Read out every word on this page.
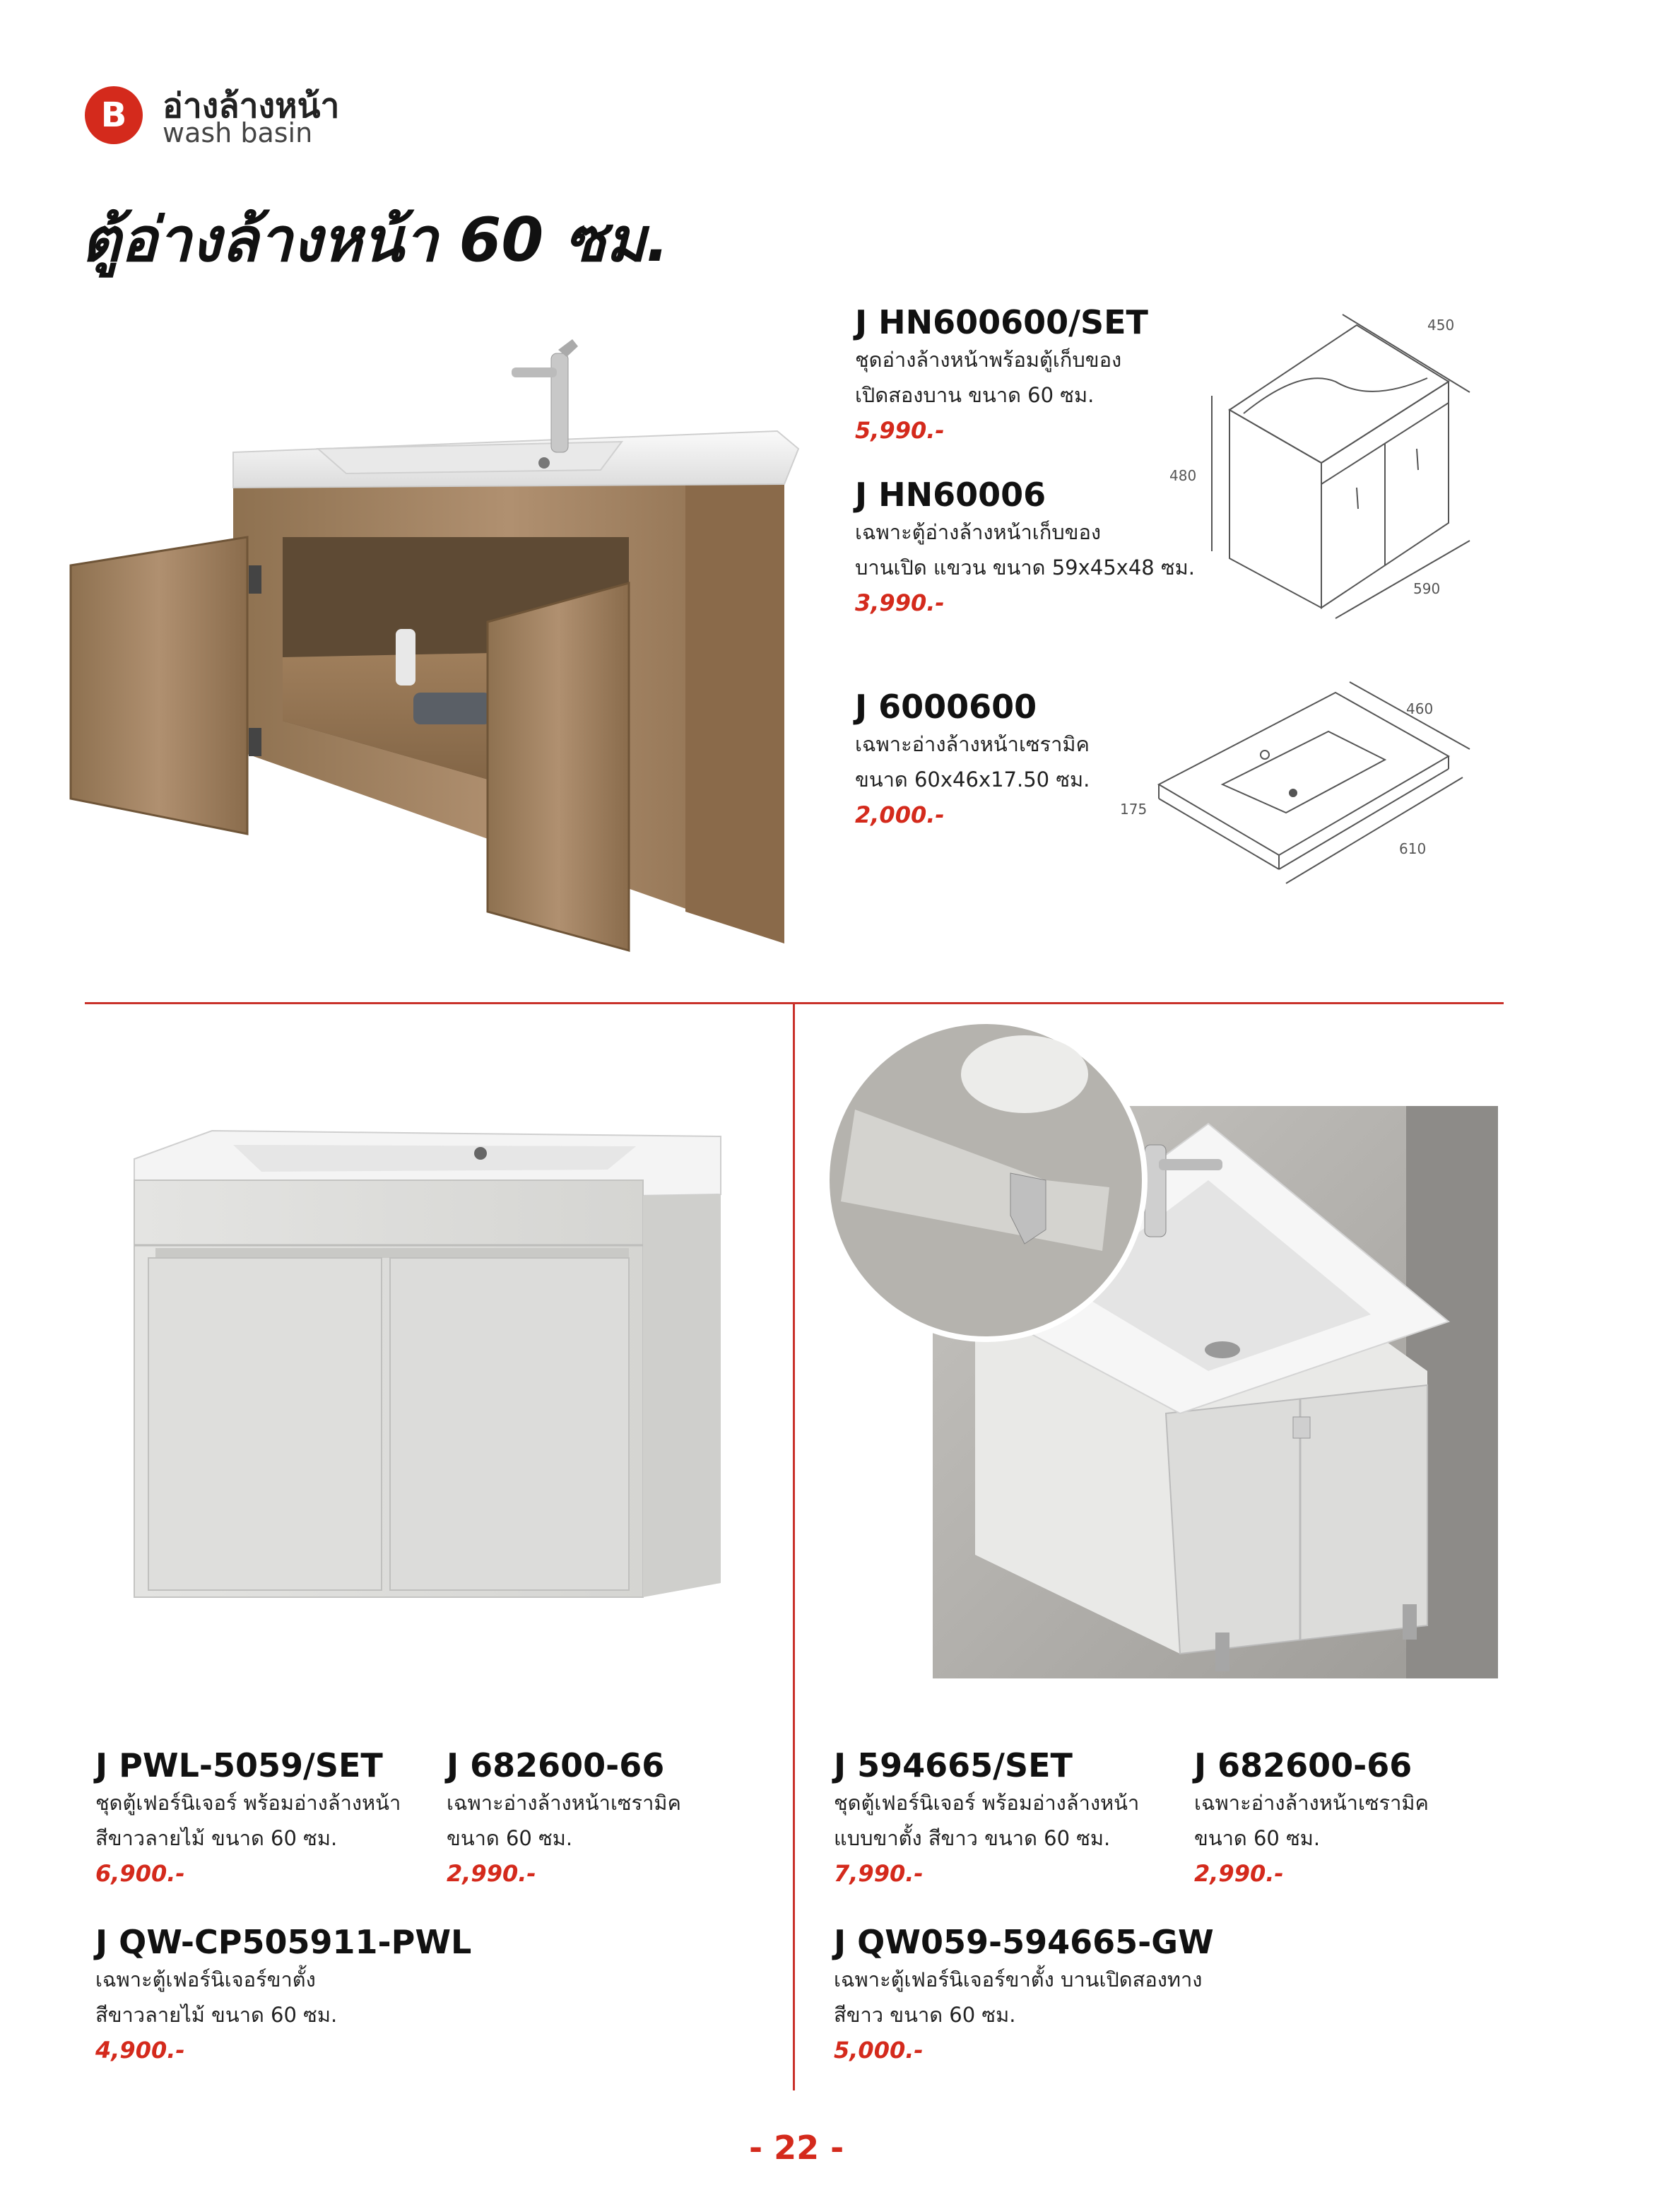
B	อ่างล้างหน้า
wash basin
ตู้อ่างล้างหน้า 60 ซม.
J HN600600/SET
ชุดอ่างล้างหน้าพร้อมตู้เก็บของ
เปิดสองบาน ขนาด 60 ซม.
5,990.-
J HN60006
เฉพาะตู้อ่างล้างหน้าเก็บของ
บานเปิด แขวน ขนาด 59x45x48 ซม.
3,990.-
J 6000600
เฉพาะอ่างล้างหน้าเซรามิค
ขนาด 60x46x17.50 ซม.
2,000.-
450
480
590
460
175
610
J PWL-5059/SET
ชุดตู้เฟอร์นิเจอร์ พร้อมอ่างล้างหน้า
สีขาวลายไม้ ขนาด 60 ซม.
6,900.-
J 682600-66
เฉพาะอ่างล้างหน้าเซรามิค
ขนาด 60 ซม.
2,990.-
J QW-CP505911-PWL
เฉพาะตู้เฟอร์นิเจอร์ขาตั้ง
สีขาวลายไม้ ขนาด 60 ซม.
4,900.-
J 594665/SET
ชุดตู้เฟอร์นิเจอร์ พร้อมอ่างล้างหน้า
แบบขาตั้ง สีขาว ขนาด 60 ซม.
7,990.-
J 682600-66
เฉพาะอ่างล้างหน้าเซรามิค
ขนาด 60 ซม.
2,990.-
J QW059-594665-GW
เฉพาะตู้เฟอร์นิเจอร์ขาตั้ง บานเปิดสองทาง
สีขาว ขนาด 60 ซม.
5,000.-
- 22 -
